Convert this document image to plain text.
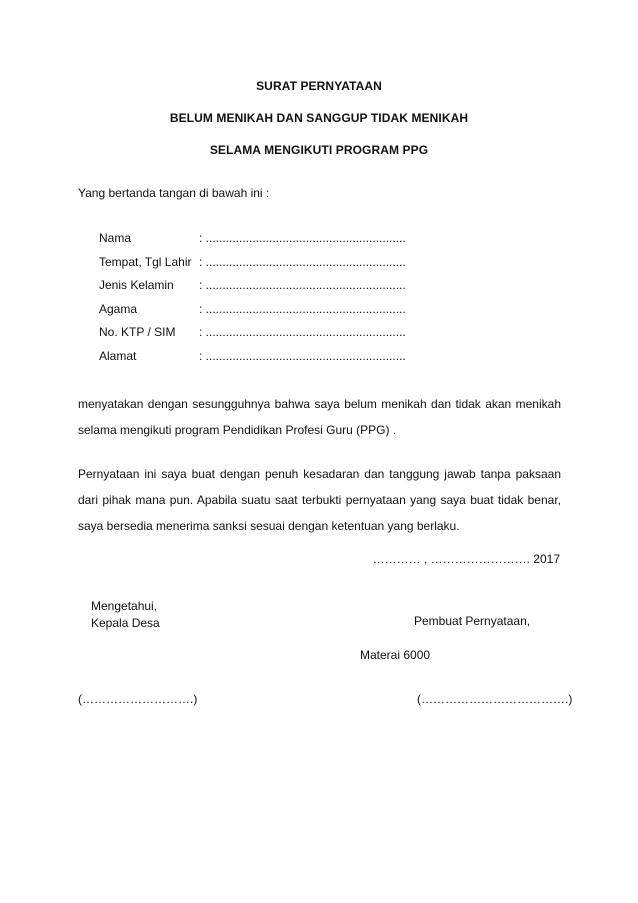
SURAT PERNYATAAN
BELUM MENIKAH DAN SANGGUP TIDAK MENIKAH
SELAMA MENGIKUTI PROGRAM PPG
Yang bertanda tangan di bawah ini :
Nama	: ............................................................
Tempat, Tgl Lahir : ............................................................
Jenis Kelamin	: ............................................................
Agama	: ............................................................
No. KTP / SIM	: ............................................................
Alamat	: ............................................................
menyatakan dengan sesungguhnya bahwa saya belum menikah dan tidak akan menikah selama mengikuti program Pendidikan Profesi Guru (PPG) .
Pernyataan ini saya buat dengan penuh kesadaran dan tanggung jawab tanpa paksaan dari pihak mana pun. Apabila suatu saat terbukti pernyataan yang saya buat tidak benar, saya bersedia menerima sanksi sesuai dengan ketentuan yang berlaku.
………… , ……………………. 2017
Mengetahui,
Kepala Desa	Pembuat Pernyataan,
Materai 6000
(……………………….)	(……………………………….)
